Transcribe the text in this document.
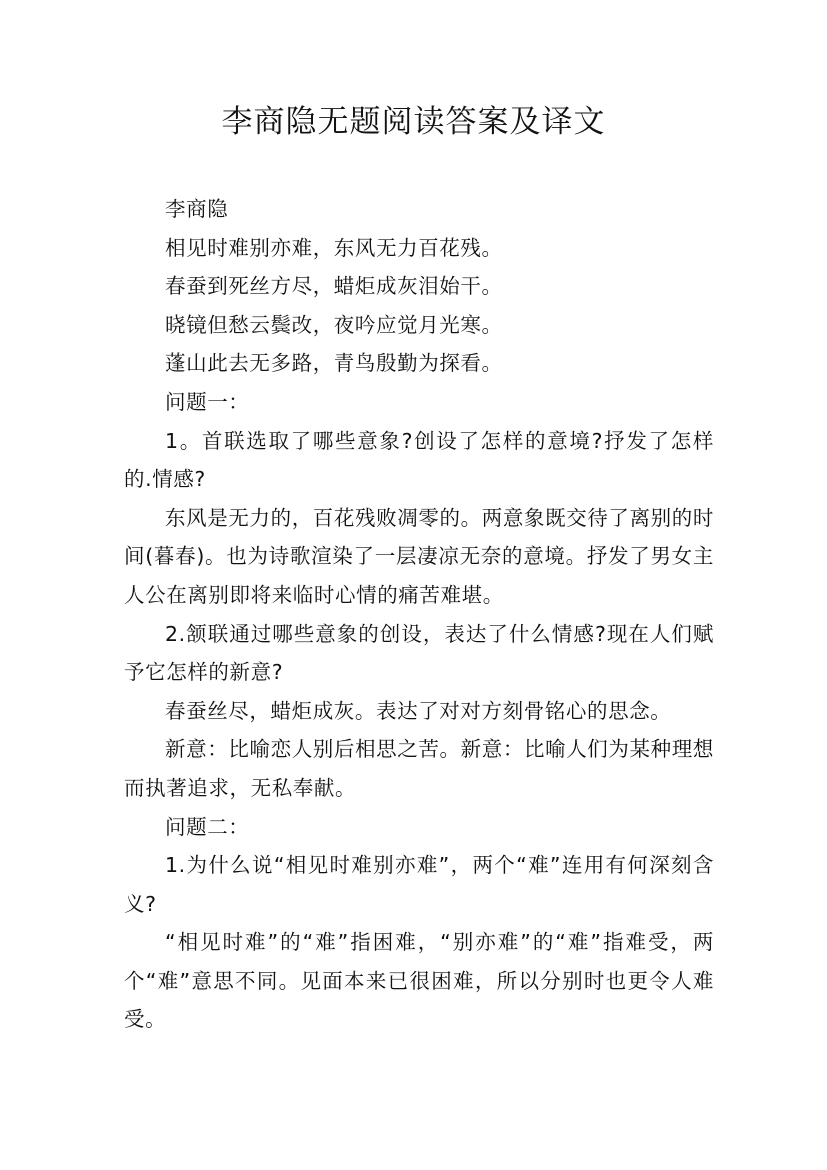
李商隐无题阅读答案及译文

李商隐

相见时难别亦难，东风无力百花残。

春蚕到死丝方尽，蜡炬成灰泪始干。

晓镜但愁云鬓改，夜吟应觉月光寒。

蓬山此去无多路，青鸟殷勤为探看。

问题一：

1。首联选取了哪些意象?创设了怎样的意境?抒发了怎样的.情感?

东风是无力的，百花残败凋零的。两意象既交待了离别的时间(暮春)。也为诗歌渲染了一层凄凉无奈的意境。抒发了男女主人公在离别即将来临时心情的痛苦难堪。

2.颔联通过哪些意象的创设，表达了什么情感?现在人们赋予它怎样的新意?

春蚕丝尽，蜡炬成灰。表达了对对方刻骨铭心的思念。

新意：比喻恋人别后相思之苦。新意：比喻人们为某种理想而执著追求，无私奉献。

问题二：

1.为什么说“相见时难别亦难”，两个“难”连用有何深刻含义?

“相见时难”的“难”指困难，“别亦难”的“难”指难受，两个“难”意思不同。见面本来已很困难，所以分别时也更令人难受。
